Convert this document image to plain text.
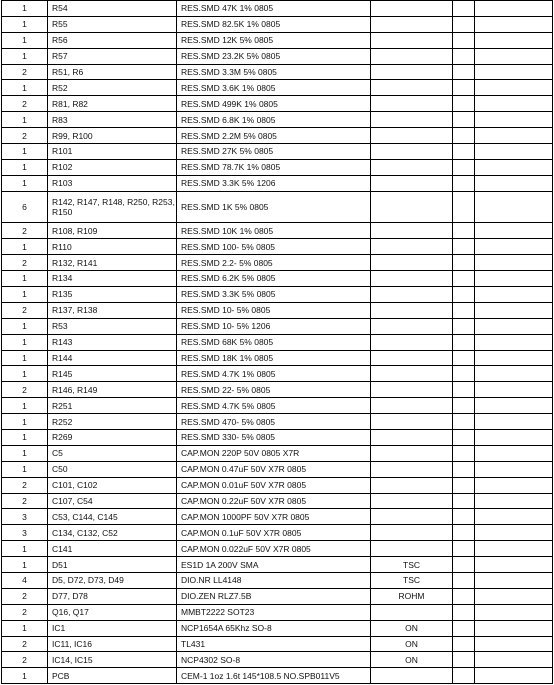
1	R54	RES.SMD 47K 1% 0805			
1	R55	RES.SMD 82.5K 1% 0805			
1	R56	RES.SMD 12K 5% 0805			
1	R57	RES.SMD 23.2K 5% 0805			
2	R51, R6	RES.SMD 3.3M 5% 0805			
1	R52	RES.SMD 3.6K 1% 0805			
2	R81, R82	RES.SMD 499K 1% 0805			
1	R83	RES.SMD 6.8K 1% 0805			
2	R99, R100	RES.SMD 2.2M 5% 0805			
1	R101	RES.SMD 27K 5% 0805			
1	R102	RES.SMD 78.7K 1% 0805			
1	R103	RES.SMD 3.3K 5% 1206			
6	R142, R147, R148, R250, R253, R150	RES.SMD 1K 5% 0805			
2	R108, R109	RES.SMD 10K 1% 0805			
1	R110	RES.SMD 100- 5% 0805			
2	R132, R141	RES.SMD 2.2- 5% 0805			
1	R134	RES.SMD 6.2K 5% 0805			
1	R135	RES.SMD 3.3K 5% 0805			
2	R137, R138	RES.SMD 10- 5% 0805			
1	R53	RES.SMD 10- 5% 1206			
1	R143	RES.SMD 68K 5% 0805			
1	R144	RES.SMD 18K 1% 0805			
1	R145	RES.SMD 4.7K 1% 0805			
2	R146, R149	RES.SMD 22- 5% 0805			
1	R251	RES.SMD 4.7K 5% 0805			
1	R252	RES.SMD 470- 5% 0805			
1	R269	RES.SMD 330- 5% 0805			
1	C5	CAP.MON 220P 50V 0805 X7R			
1	C50	CAP.MON 0.47uF 50V X7R 0805			
2	C101, C102	CAP.MON 0.01uF 50V X7R 0805			
2	C107, C54	CAP.MON 0.22uF 50V X7R 0805			
3	C53, C144, C145	CAP.MON 1000PF 50V X7R 0805			
3	C134, C132, C52	CAP.MON 0.1uF 50V X7R 0805			
1	C141	CAP.MON 0.022uF 50V X7R 0805			
1	D51	ES1D 1A 200V SMA	TSC		
4	D5, D72, D73, D49	DIO.NR LL4148	TSC		
2	D77, D78	DIO.ZEN RLZ7.5B	ROHM		
2	Q16, Q17	MMBT2222 SOT23			
1	IC1	NCP1654A 65Khz SO-8	ON		
2	IC11, IC16	TL431	ON		
2	IC14, IC15	NCP4302 SO-8	ON		
1	PCB	CEM-1 1oz 1.6t 145*108.5 NO.SPB011V5			
